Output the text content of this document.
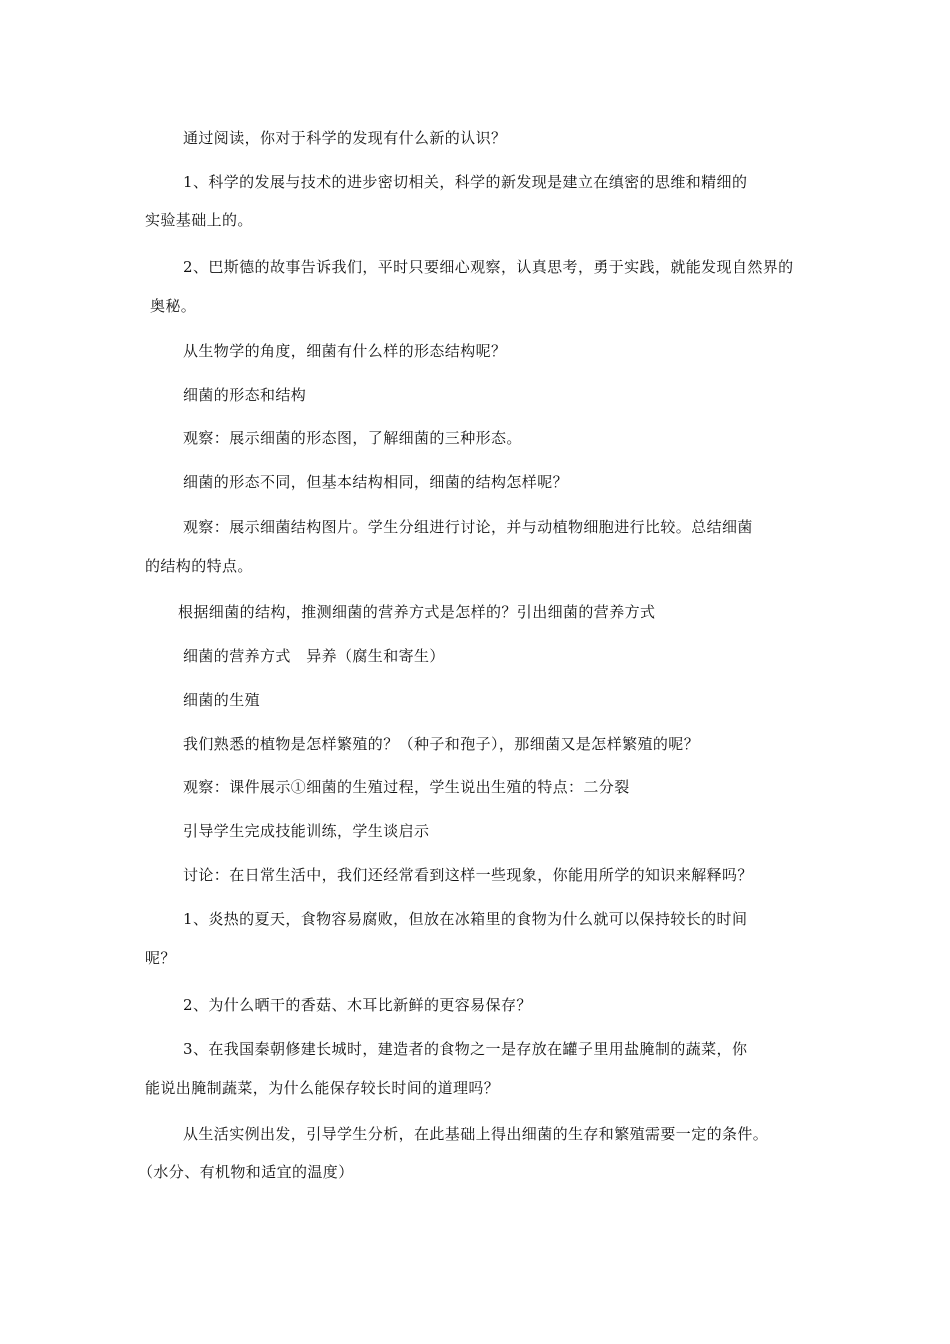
通过阅读，你对于科学的发现有什么新的认识？

1、科学的发展与技术的进步密切相关，科学的新发现是建立在缜密的思维和精细的

实验基础上的。

2、巴斯德的故事告诉我们，平时只要细心观察，认真思考，勇于实践，就能发现自然界的

奥秘。

从生物学的角度，细菌有什么样的形态结构呢？

细菌的形态和结构

观察：展示细菌的形态图，了解细菌的三种形态。

细菌的形态不同，但基本结构相同，细菌的结构怎样呢？

观察：展示细菌结构图片。学生分组进行讨论，并与动植物细胞进行比较。总结细菌

的结构的特点。

根据细菌的结构，推测细菌的营养方式是怎样的？引出细菌的营养方式

细菌的营养方式　异养（腐生和寄生）

细菌的生殖

我们熟悉的植物是怎样繁殖的？（种子和孢子），那细菌又是怎样繁殖的呢？

观察：课件展示①细菌的生殖过程，学生说出生殖的特点：二分裂

引导学生完成技能训练，学生谈启示

讨论：在日常生活中，我们还经常看到这样一些现象，你能用所学的知识来解释吗？

1、炎热的夏天，食物容易腐败，但放在冰箱里的食物为什么就可以保持较长的时间

呢？

2、为什么晒干的香菇、木耳比新鲜的更容易保存？

3、在我国秦朝修建长城时，建造者的食物之一是存放在罐子里用盐腌制的蔬菜，你

能说出腌制蔬菜，为什么能保存较长时间的道理吗？

从生活实例出发，引导学生分析，在此基础上得出细菌的生存和繁殖需要一定的条件。

（水分、有机物和适宜的温度）
